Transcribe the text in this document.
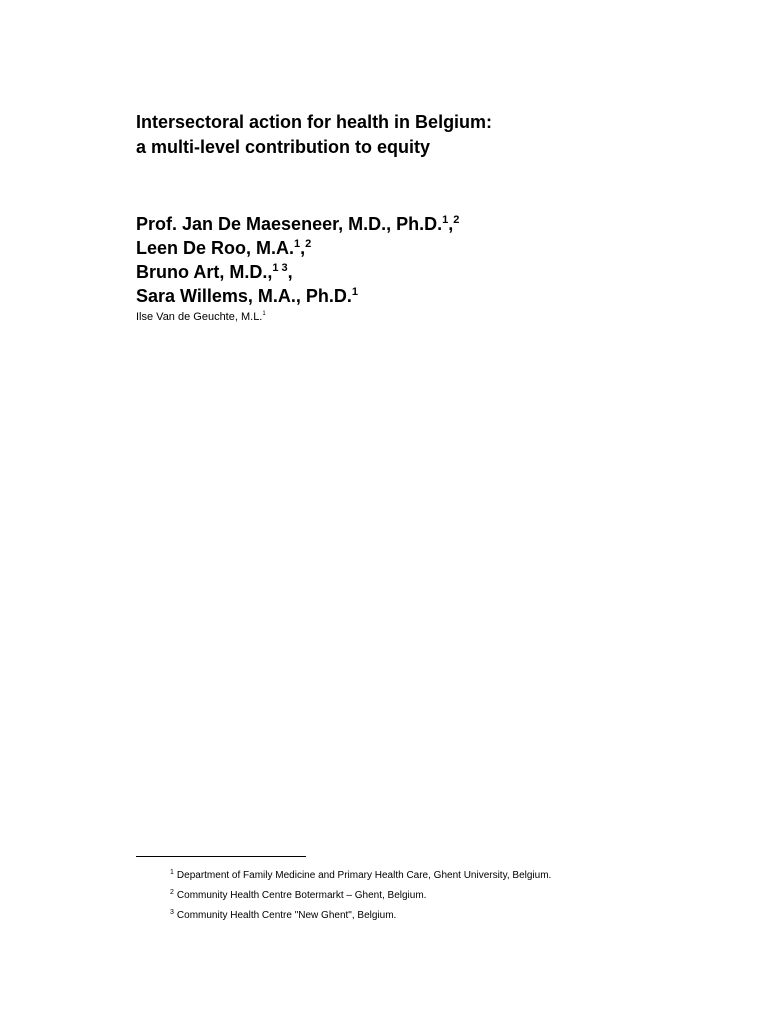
Intersectoral action for health in Belgium:
a multi-level contribution to equity
Prof. Jan De Maeseneer, M.D., Ph.D.$^1$,$^2$
Leen De Roo, M.A.$^1$,$^2$
Bruno Art, M.D.,$^{1 3}$,
Sara Willems, M.A., Ph.D.$^1$
Ilse Van de Geuchte, M.L.$^1$
$^1$ Department of Family Medicine and Primary Health Care, Ghent University, Belgium.
$^2$ Community Health Centre Botermarkt – Ghent, Belgium.
$^3$ Community Health Centre "New Ghent", Belgium.
